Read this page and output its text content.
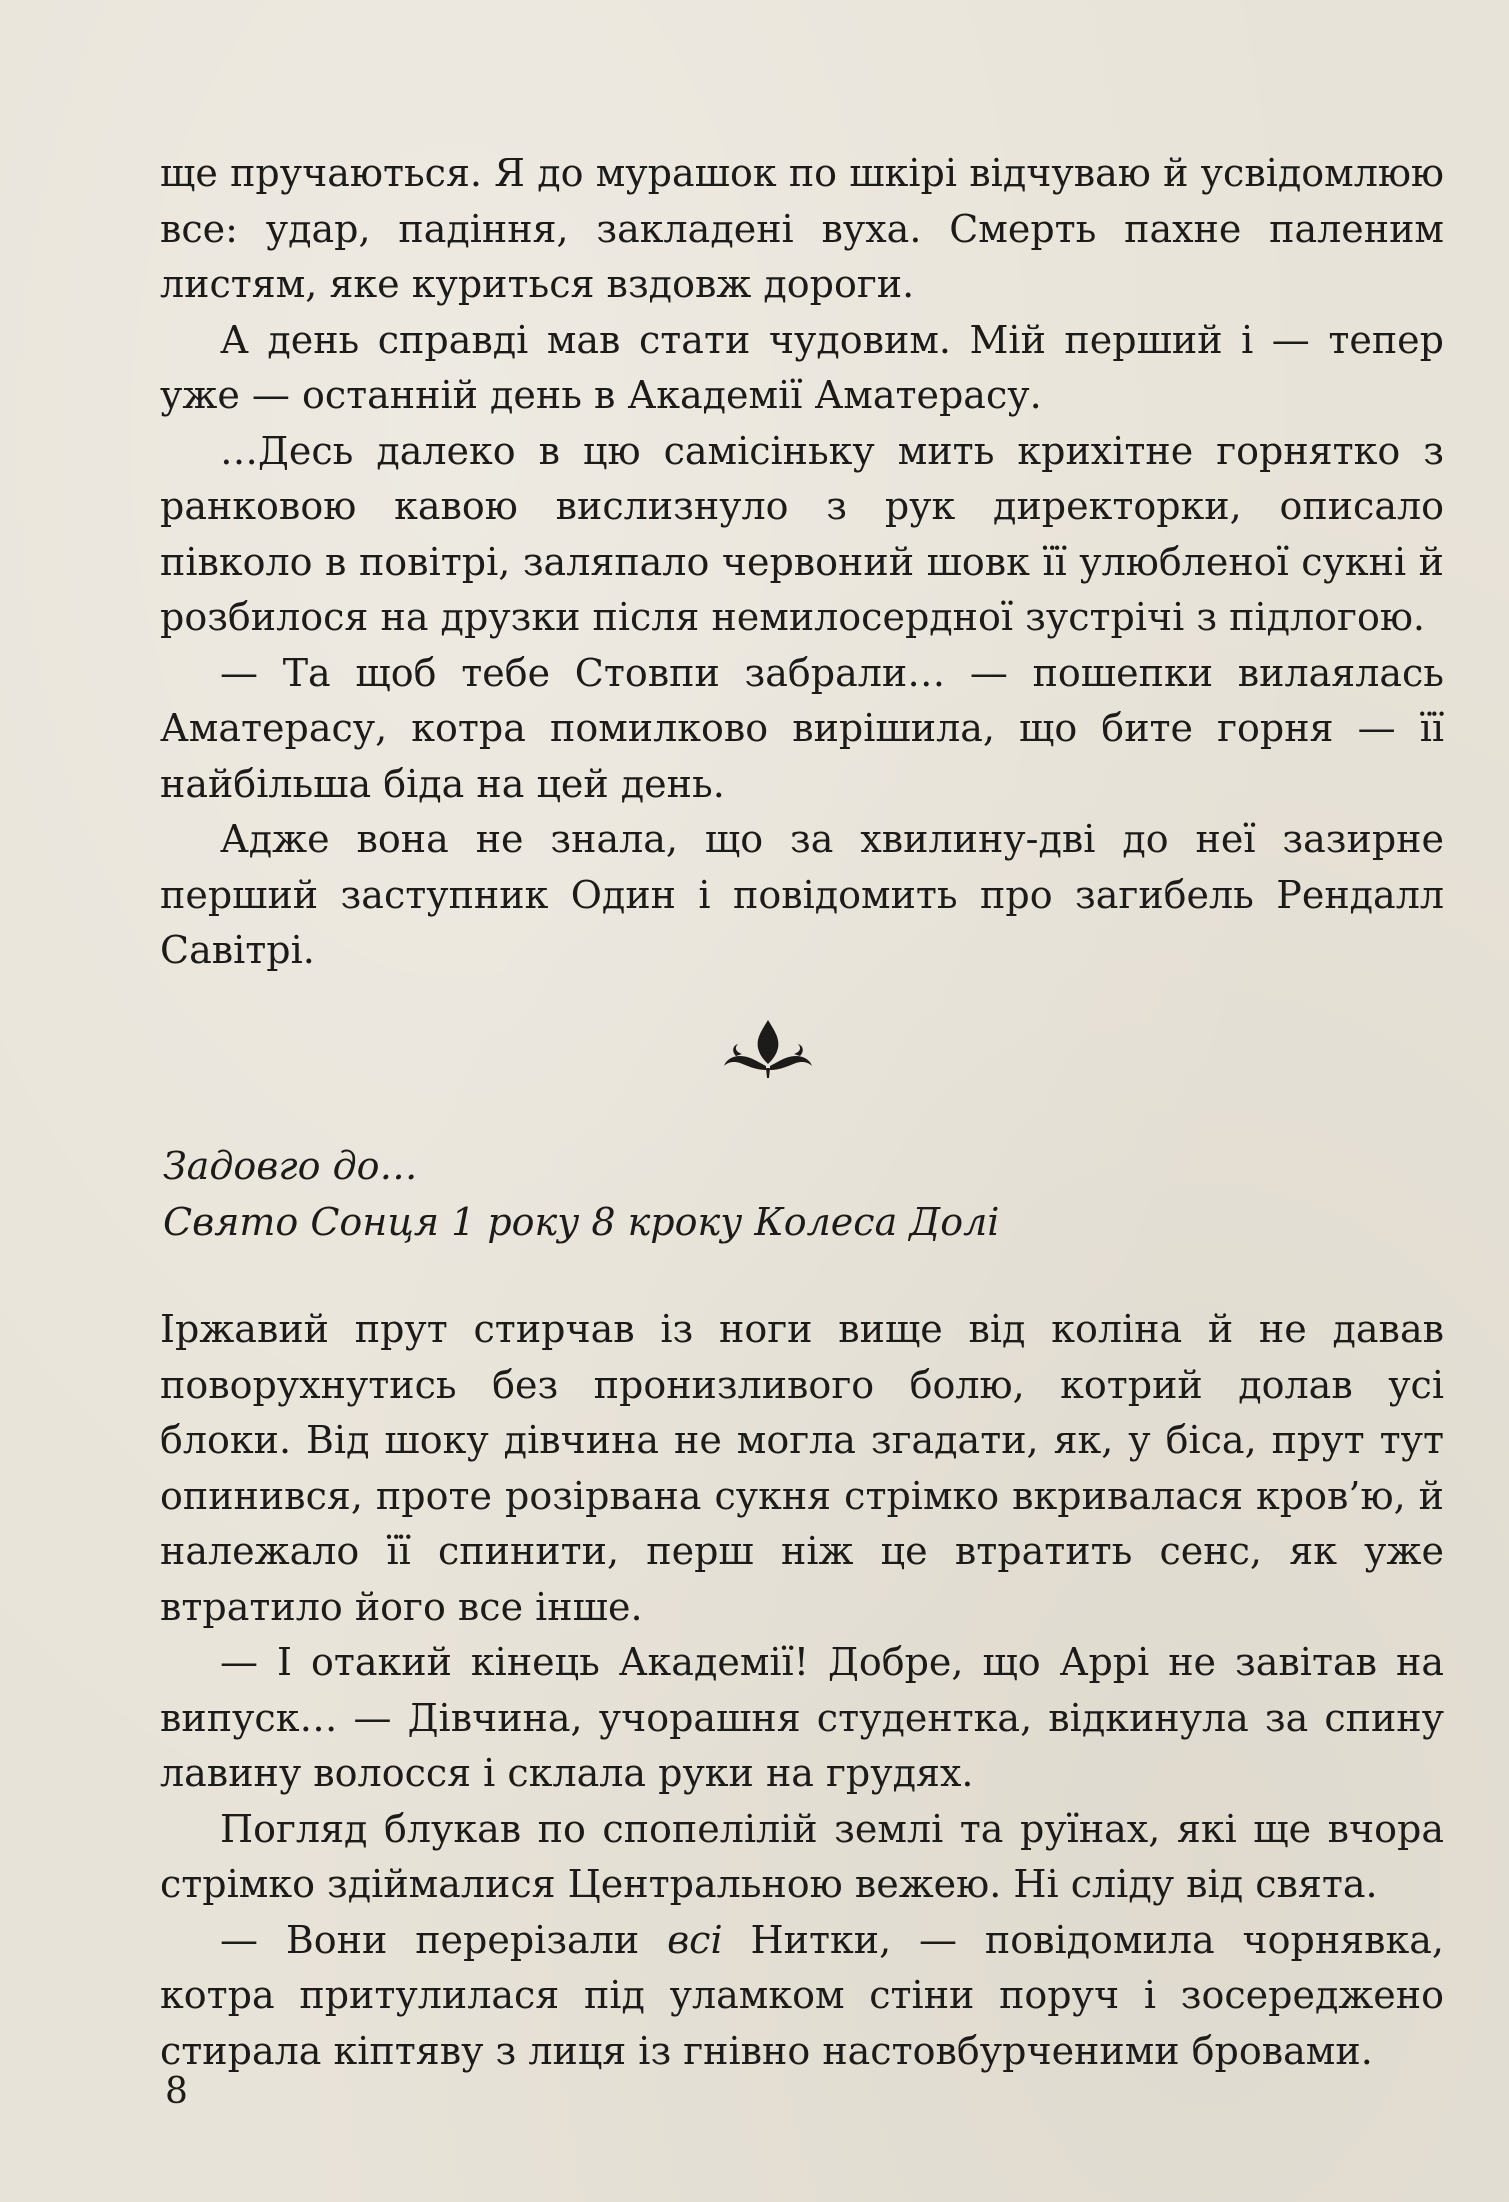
ще пручаються. Я до мурашок по шкірі відчуваю й усвідомлюю все: удар, падіння, закладені вуха. Смерть пахне паленим листям, яке куриться вздовж дороги.

А день справді мав стати чудовим. Мій перший і — тепер уже — останній день в Академії Аматерасу.

…Десь далеко в цю самісіньку мить крихітне горнятко з ранковою кавою вислизнуло з рук директорки, описало півколо в повітрі, заляпало червоний шовк її улюбленої сукні й розбилося на друзки після немилосердної зустрічі з підлогою.

— Та щоб тебе Стовпи забрали… — пошепки вилаялась Аматерасу, котра помилково вирішила, що бите горня — її найбільша біда на цей день.

Адже вона не знала, що за хвилину-дві до неї зазирне перший заступник Один і повідомить про загибель Рендалл Савітрі.

Задовго до…
Свято Сонця 1 року 8 кроку Колеса Долі

Іржавий прут стирчав із ноги вище від коліна й не давав поворухнутись без пронизливого болю, котрий долав усі блоки. Від шоку дівчина не могла згадати, як, у біса, прут тут опинився, проте розірвана сукня стрімко вкривалася кров’ю, й належало її спинити, перш ніж це втратить сенс, як уже втратило його все інше.

— І отакий кінець Академії! Добре, що Аррі не завітав на випуск… — Дівчина, учорашня студентка, відкинула за спину лавину волосся і склала руки на грудях.

Погляд блукав по спопелілій землі та руїнах, які ще вчора стрімко здіймалися Центральною вежею. Ні сліду від свята.

— Вони перерізали всі Нитки, — повідомила чорнявка, котра притулилася під уламком стіни поруч і зосереджено стирала кіптяву з лиця із гнівно настовбурченими бровами.

8
